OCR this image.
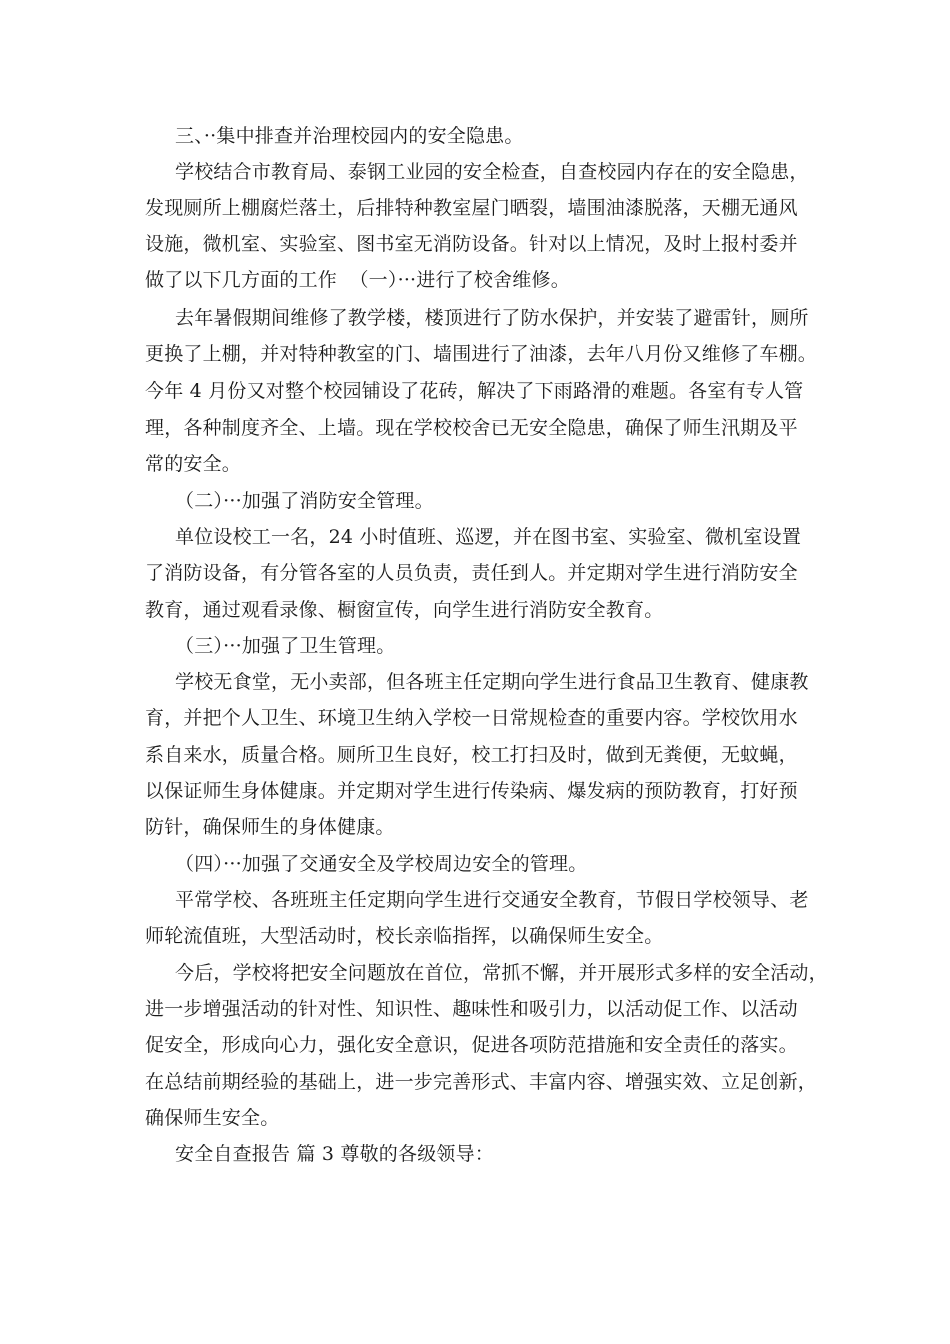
三、··集中排查并治理校园内的安全隐患。
学校结合市教育局、泰钢工业园的安全检查，自查校园内存在的安全隐患，
发现厕所上棚腐烂落土，后排特种教室屋门晒裂，墙围油漆脱落，天棚无通风
设施，微机室、实验室、图书室无消防设备。针对以上情况，及时上报村委并
做了以下几方面的工作  （一）···进行了校舍维修。
去年暑假期间维修了教学楼，楼顶进行了防水保护，并安装了避雷针，厕所
更换了上棚，并对特种教室的门、墙围进行了油漆，去年八月份又维修了车棚。
今年 4 月份又对整个校园铺设了花砖，解决了下雨路滑的难题。各室有专人管
理，各种制度齐全、上墙。现在学校校舍已无安全隐患，确保了师生汛期及平
常的安全。
（二）···加强了消防安全管理。
单位设校工一名，24 小时值班、巡逻，并在图书室、实验室、微机室设置
了消防设备，有分管各室的人员负责，责任到人。并定期对学生进行消防安全
教育，通过观看录像、橱窗宣传，向学生进行消防安全教育。
（三）···加强了卫生管理。
学校无食堂，无小卖部，但各班主任定期向学生进行食品卫生教育、健康教
育，并把个人卫生、环境卫生纳入学校一日常规检查的重要内容。学校饮用水
系自来水，质量合格。厕所卫生良好，校工打扫及时，做到无粪便，无蚊蝇，
以保证师生身体健康。并定期对学生进行传染病、爆发病的预防教育，打好预
防针，确保师生的身体健康。
（四）···加强了交通安全及学校周边安全的管理。
平常学校、各班班主任定期向学生进行交通安全教育，节假日学校领导、老
师轮流值班，大型活动时，校长亲临指挥，以确保师生安全。
今后，学校将把安全问题放在首位，常抓不懈，并开展形式多样的安全活动，
进一步增强活动的针对性、知识性、趣味性和吸引力，以活动促工作、以活动
促安全，形成向心力，强化安全意识，促进各项防范措施和安全责任的落实。
在总结前期经验的基础上，进一步完善形式、丰富内容、增强实效、立足创新，
确保师生安全。
安全自查报告 篇 3 尊敬的各级领导：
